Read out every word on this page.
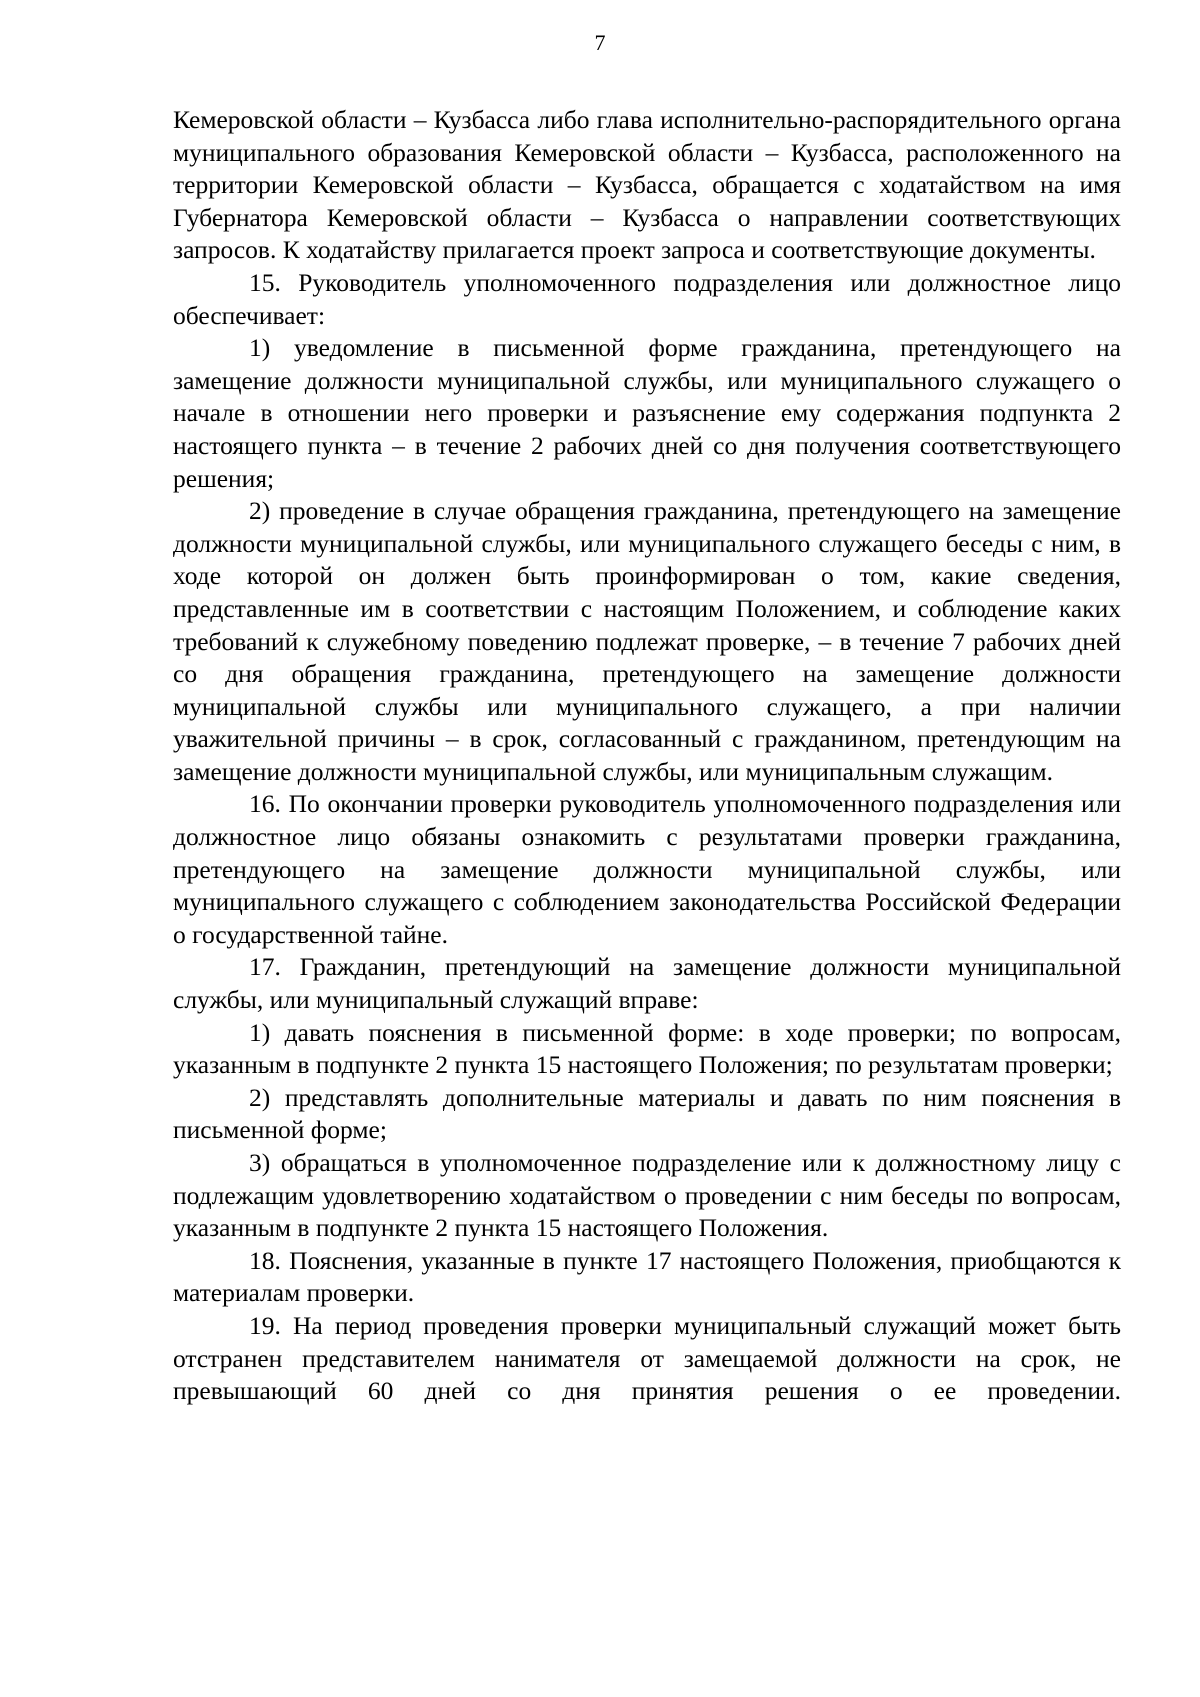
7

Кемеровской области – Кузбасса либо глава исполнительно-распорядительного органа муниципального образования Кемеровской области – Кузбасса, расположенного на территории Кемеровской области – Кузбасса, обращается с ходатайством на имя Губернатора Кемеровской области – Кузбасса о направлении соответствующих запросов. К ходатайству прилагается проект запроса и соответствующие документы.

15. Руководитель уполномоченного подразделения или должностное лицо обеспечивает:

1) уведомление в письменной форме гражданина, претендующего на замещение должности муниципальной службы, или муниципального служащего о начале в отношении него проверки и разъяснение ему содержания подпункта 2 настоящего пункта – в течение 2 рабочих дней со дня получения соответствующего решения;

2) проведение в случае обращения гражданина, претендующего на замещение должности муниципальной службы, или муниципального служащего беседы с ним, в ходе которой он должен быть проинформирован о том, какие сведения, представленные им в соответствии с настоящим Положением, и соблюдение каких требований к служебному поведению подлежат проверке, – в течение 7 рабочих дней со дня обращения гражданина, претендующего на замещение должности муниципальной службы или муниципального служащего, а при наличии уважительной причины – в срок, согласованный с гражданином, претендующим на замещение должности муниципальной службы, или муниципальным служащим.

16. По окончании проверки руководитель уполномоченного подразделения или должностное лицо обязаны ознакомить с результатами проверки гражданина, претендующего на замещение должности муниципальной службы, или муниципального служащего с соблюдением законодательства Российской Федерации о государственной тайне.

17. Гражданин, претендующий на замещение должности муниципальной службы, или муниципальный служащий вправе:

1) давать пояснения в письменной форме: в ходе проверки; по вопросам, указанным в подпункте 2 пункта 15 настоящего Положения; по результатам проверки;

2) представлять дополнительные материалы и давать по ним пояснения в письменной форме;

3) обращаться в уполномоченное подразделение или к должностному лицу с подлежащим удовлетворению ходатайством о проведении с ним беседы по вопросам, указанным в подпункте 2 пункта 15 настоящего Положения.

18. Пояснения, указанные в пункте 17 настоящего Положения, приобщаются к материалам проверки.

19. На период проведения проверки муниципальный служащий может быть отстранен представителем нанимателя от замещаемой должности на срок, не превышающий 60 дней со дня принятия решения о ее проведении.
